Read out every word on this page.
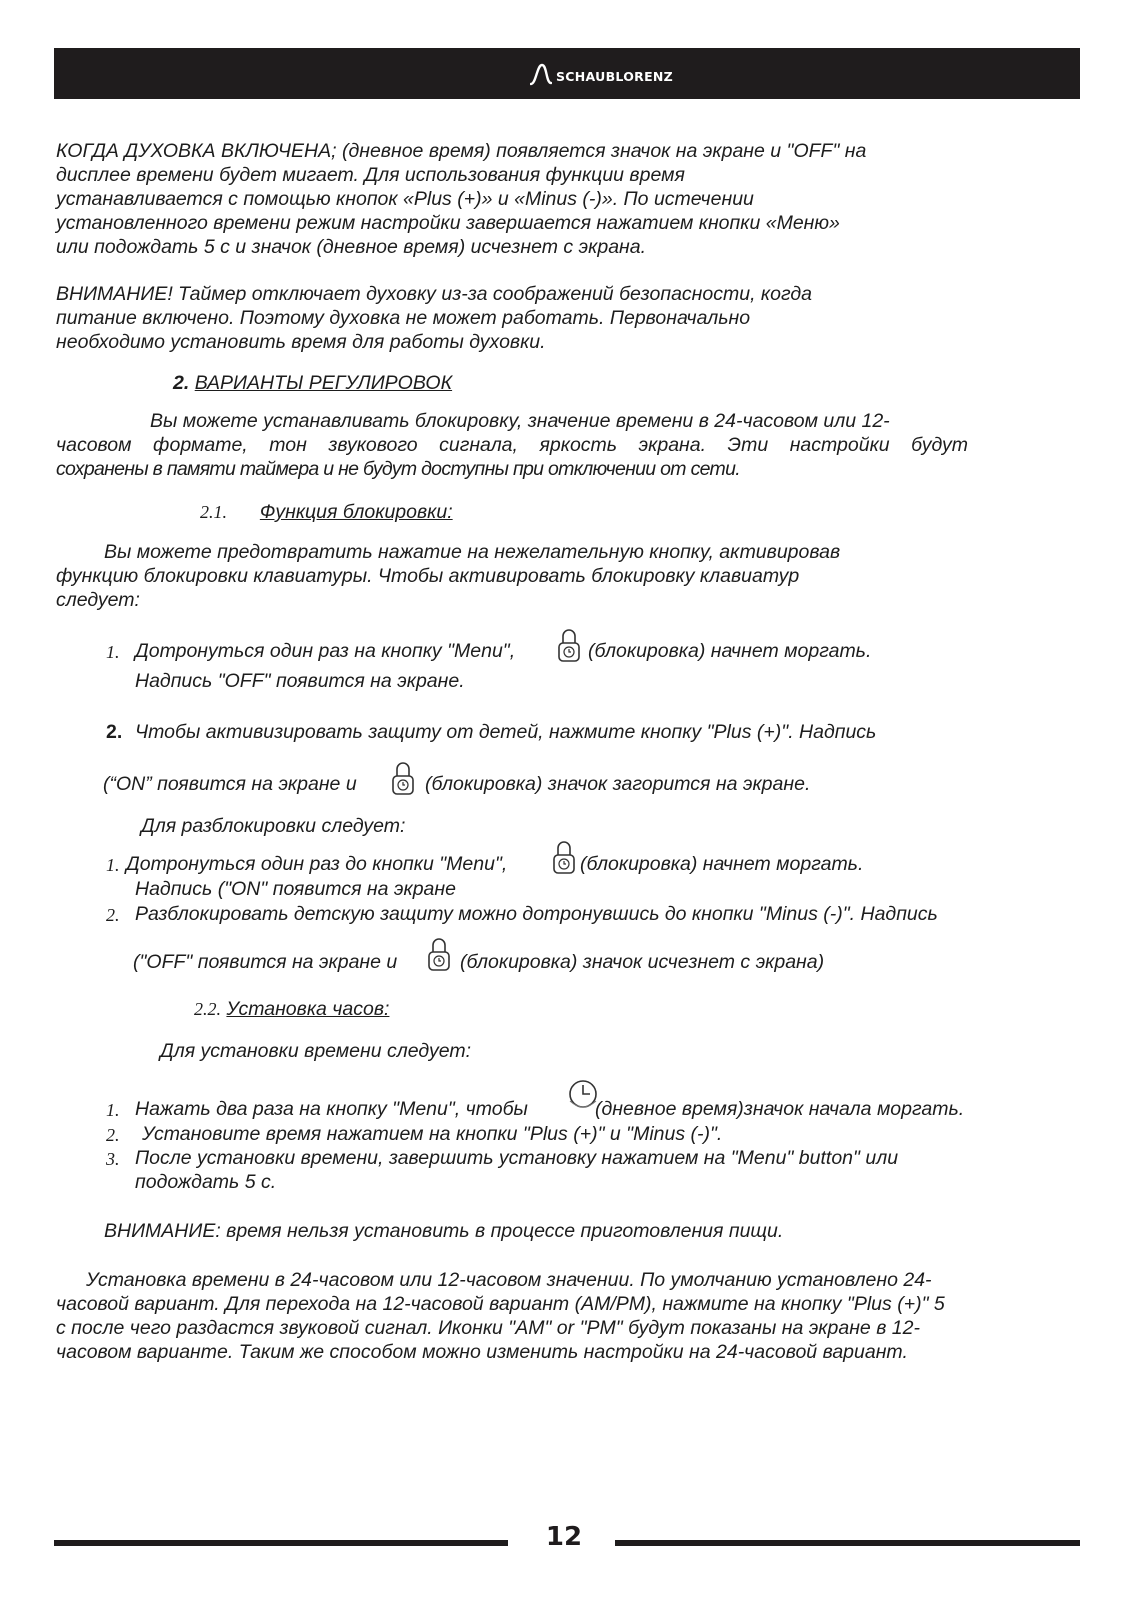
SCHAUBLORENZ
КОГДА ДУХОВКА ВКЛЮЧЕНА; (дневное время) появляется значок на экране и "OFF" на
дисплее времени будет мигает. Для использования функции время
устанавливается с помощью кнопок «Plus (+)» и «Minus (-)». По истечении
установленного времени режим настройки завершается нажатием кнопки «Меню»
или подождать 5 с и значок (дневное время) исчезнет с экрана.
ВНИМАНИЕ! Таймер отключает духовку из-за соображений безопасности, когда
питание включено. Поэтому духовка не может работать. Первоначально
необходимо установить время для работы духовки.
2. ВАРИАНТЫ РЕГУЛИРОВОК
Вы можете устанавливать блокировку, значение времени в 24-часовом или 12-
часовом формате, тон звукового сигнала, яркость экрана. Эти настройки будут
сохранены в памяти таймера и не будут доступны при отключении от сети.
2.1. Функция блокировки:
Вы можете предотвратить нажатие на нежелательную кнопку, активировав
функцию блокировки клавиатуры. Чтобы активировать блокировку клавиатур
следует:
1. Дотронуться один раз на кнопку "Menu",	(блокировка) начнет моргать.
Надпись "OFF" появится на экране.
2. Чтобы активизировать защиту от детей, нажмите кнопку "Plus (+)". Надпись
(“ON” появится на экране и	(блокировка) значок загорится на экране.
Для разблокировки следует:
1. Дотронуться один раз до кнопки "Menu",	(блокировка) начнет моргать.
Надпись ("ON" появится на экране
2. Разблокировать детскую защиту можно дотронувшись до кнопки "Minus (-)". Надпись
("OFF" появится на экране и	(блокировка) значок исчезнет с экрана)
2.2. Установка часов:
Для установки времени следует:
1. Нажать два раза на кнопку "Menu", чтобы	(дневное время)значок начала моргать.
2. Установите время нажатием на кнопки "Plus (+)" и "Minus (-)".
3. После установки времени, завершить установку нажатием на "Menu" button" или
подождать 5 с.
ВНИМАНИЕ: время нельзя установить в процессе приготовления пищи.
Установка времени в 24-часовом или 12-часовом значении. По умолчанию установлено 24-
часовой вариант. Для перехода на 12-часовой вариант (AM/PM), нажмите на кнопку "Plus (+)" 5
с после чего раздастся звуковой сигнал. Иконки "AM" or "PM" будут показаны на экране в 12-
часовом варианте. Таким же способом можно изменить настройки на 24-часовой вариант.
12
